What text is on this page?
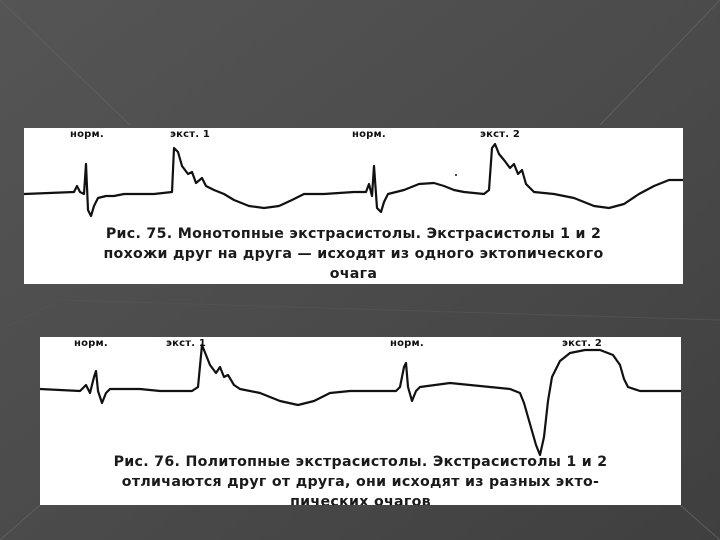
норм.	экст. 1	норм.	экст. 2
Рис. 75. Монотопные экстрасистолы. Экстрасистолы 1 и 2
похожи друг на друга — исходят из одного эктопического
очага
норм.	экст. 1	норм.	экст. 2
Рис. 76. Политопные экстрасистолы. Экстрасистолы 1 и 2
отличаются друг от друга, они исходят из разных экто-
пических очагов
